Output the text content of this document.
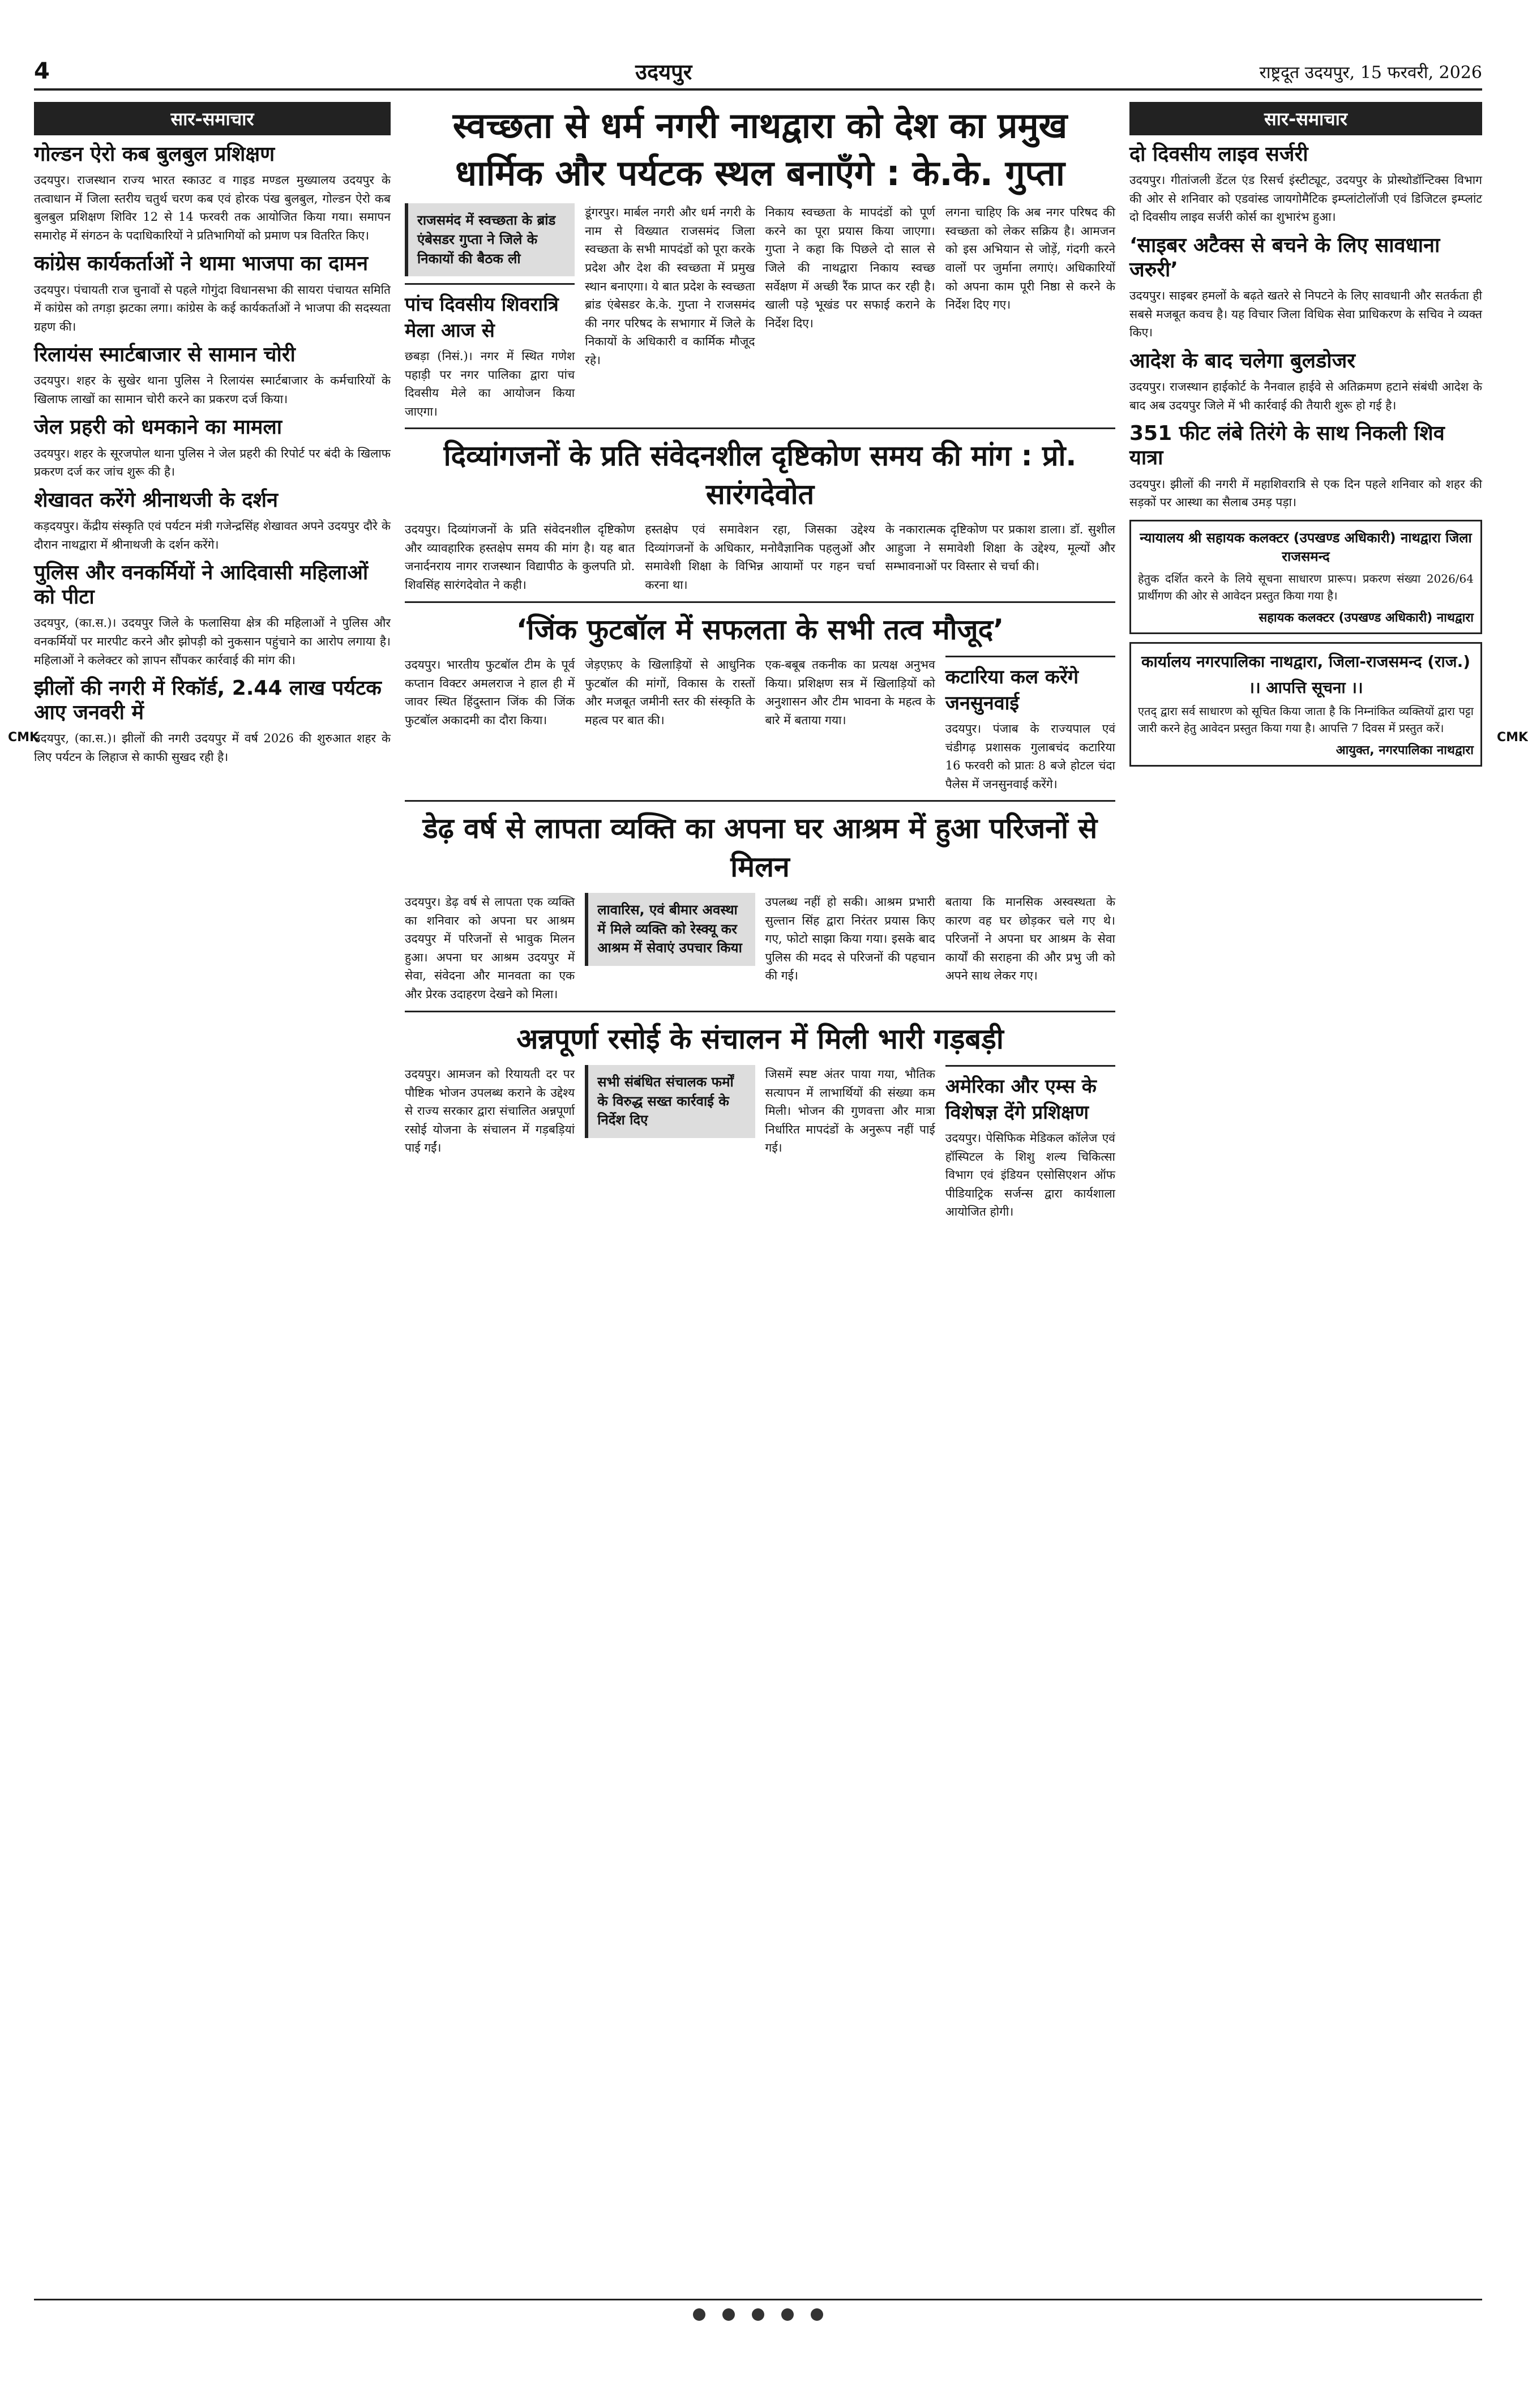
4	उदयपुर	राष्ट्रदूत उदयपुर, 15 फरवरी, 2026
CMK	CMK
सार-समाचार
गोल्डन ऐरो कब बुलबुल प्रशिक्षण

उदयपुर। राजस्थान राज्य भारत स्काउट व गाइड मण्डल मुख्यालय उदयपुर के तत्वाधान में जिला स्तरीय चतुर्थ चरण कब एवं होरक पंख बुलबुल, गोल्डन ऐरो कब बुलबुल प्रशिक्षण शिविर 12 से 14 फरवरी तक आयोजित किया गया। समापन समारोह में संगठन के पदाधिकारियों ने प्रतिभागियों को प्रमाण पत्र वितरित किए।

कांग्रेस कार्यकर्ताओं ने थामा भाजपा का दामन

उदयपुर। पंचायती राज चुनावों से पहले गोगुंदा विधानसभा की सायरा पंचायत समिति में कांग्रेस को तगड़ा झटका लगा। कांग्रेस के कई कार्यकर्ताओं ने भाजपा की सदस्यता ग्रहण की।

रिलायंस स्मार्टबाजार से सामान चोरी

उदयपुर। शहर के सुखेर थाना पुलिस ने रिलायंस स्मार्टबाजार के कर्मचारियों के खिलाफ लाखों का सामान चोरी करने का प्रकरण दर्ज किया।

जेल प्रहरी को धमकाने का मामला

उदयपुर। शहर के सूरजपोल थाना पुलिस ने जेल प्रहरी की रिपोर्ट पर बंदी के खिलाफ प्रकरण दर्ज कर जांच शुरू की है।

शेखावत करेंगे श्रीनाथजी के दर्शन

कड़दयपुर। केंद्रीय संस्कृति एवं पर्यटन मंत्री गजेन्द्रसिंह शेखावत अपने उदयपुर दौरे के दौरान नाथद्वारा में श्रीनाथजी के दर्शन करेंगे।

पुलिस और वनकर्मियों ने आदिवासी महिलाओं को पीटा

उदयपुर, (का.स.)। उदयपुर जिले के फलासिया क्षेत्र की महिलाओं ने पुलिस और वनकर्मियों पर मारपीट करने और झोपड़ी को नुकसान पहुंचाने का आरोप लगाया है। महिलाओं ने कलेक्टर को ज्ञापन सौंपकर कार्रवाई की मांग की।

झीलों की नगरी में रिकॉर्ड, 2.44 लाख पर्यटक आए जनवरी में

उदयपुर, (का.स.)। झीलों की नगरी उदयपुर में वर्ष 2026 की शुरुआत शहर के लिए पर्यटन के लिहाज से काफी सुखद रही है।

स्वच्छता से धर्म नगरी नाथद्वारा को देश का प्रमुख धार्मिक और पर्यटक स्थल बनाएँगे : के.के. गुप्ता
राजसमंद में स्वच्छता के ब्रांड एंबेसडर गुप्ता ने जिले के निकायों की बैठक ली
पांच दिवसीय शिवरात्रि मेला आज से

छबड़ा (निसं.)। नगर में स्थित गणेश पहाड़ी पर नगर पालिका द्वारा पांच दिवसीय मेले का आयोजन किया जाएगा।

डूंगरपुर। मार्बल नगरी और धर्म नगरी के नाम से विख्यात राजसमंद जिला स्वच्छता के सभी मापदंडों को पूरा करके प्रदेश और देश की स्वच्छता में प्रमुख स्थान बनाएगा। ये बात प्रदेश के स्वच्छता ब्रांड एंबेसडर के.के. गुप्ता ने राजसमंद की नगर परिषद के सभागार में जिले के निकायों के अधिकारी व कार्मिक मौजूद रहे।

निकाय स्वच्छता के मापदंडों को पूर्ण करने का पूरा प्रयास किया जाएगा। गुप्ता ने कहा कि पिछले दो साल से जिले की नाथद्वारा निकाय स्वच्छ सर्वेक्षण में अच्छी रैंक प्राप्त कर रही है। खाली पड़े भूखंड पर सफाई कराने के निर्देश दिए।

लगना चाहिए कि अब नगर परिषद की स्वच्छता को लेकर सक्रिय है। आमजन को इस अभियान से जोड़ें, गंदगी करने वालों पर जुर्माना लगाएं। अधिकारियों को अपना काम पूरी निष्ठा से करने के निर्देश दिए गए।

दिव्यांगजनों के प्रति संवेदनशील दृष्टिकोण समय की मांग : प्रो. सारंगदेवोत

उदयपुर। दिव्यांगजनों के प्रति संवेदनशील दृष्टिकोण और व्यावहारिक हस्तक्षेप समय की मांग है। यह बात जनार्दनराय नागर राजस्थान विद्यापीठ के कुलपति प्रो. शिवसिंह सारंगदेवोत ने कही।

हस्तक्षेप एवं समावेशन रहा, जिसका उद्देश्य दिव्यांगजनों के अधिकार, मनोवैज्ञानिक पहलुओं और समावेशी शिक्षा के विभिन्न आयामों पर गहन चर्चा करना था।

के नकारात्मक दृष्टिकोण पर प्रकाश डाला। डॉ. सुशील आहुजा ने समावेशी शिक्षा के उद्देश्य, मूल्यों और सम्भावनाओं पर विस्तार से चर्चा की।

‘जिंक फुटबॉल में सफलता के सभी तत्व मौजूद’

उदयपुर। भारतीय फुटबॉल टीम के पूर्व कप्तान विक्टर अमलराज ने हाल ही में जावर स्थित हिंदुस्तान जिंक की जिंक फुटबॉल अकादमी का दौरा किया।

जेड़एफ़ए के खिलाड़ियों से आधुनिक फुटबॉल की मांगों, विकास के रास्तों और मजबूत जमीनी स्तर की संस्कृति के महत्व पर बात की।

एक-बबूब तकनीक का प्रत्यक्ष अनुभव किया। प्रशिक्षण सत्र में खिलाड़ियों को अनुशासन और टीम भावना के महत्व के बारे में बताया गया।

कटारिया कल करेंगे जनसुनवाई

उदयपुर। पंजाब के राज्यपाल एवं चंडीगढ़ प्रशासक गुलाबचंद कटारिया 16 फरवरी को प्रातः 8 बजे होटल चंदा पैलेस में जनसुनवाई करेंगे।

डेढ़ वर्ष से लापता व्यक्ति का अपना घर आश्रम में हुआ परिजनों से मिलन

उदयपुर। डेढ़ वर्ष से लापता एक व्यक्ति का शनिवार को अपना घर आश्रम उदयपुर में परिजनों से भावुक मिलन हुआ। अपना घर आश्रम उदयपुर में सेवा, संवेदना और मानवता का एक और प्रेरक उदाहरण देखने को मिला।

लावारिस, एवं बीमार अवस्था में मिले व्यक्ति को रेस्क्यू कर आश्रम में सेवाएं उपचार किया

उपलब्ध नहीं हो सकी। आश्रम प्रभारी सुल्तान सिंह द्वारा निरंतर प्रयास किए गए, फोटो साझा किया गया। इसके बाद पुलिस की मदद से परिजनों की पहचान की गई।

बताया कि मानसिक अस्वस्थता के कारण वह घर छोड़कर चले गए थे। परिजनों ने अपना घर आश्रम के सेवा कार्यों की सराहना की और प्रभु जी को अपने साथ लेकर गए।

अन्नपूर्णा रसोई के संचालन में मिली भारी गड़बड़ी

उदयपुर। आमजन को रियायती दर पर पौष्टिक भोजन उपलब्ध कराने के उद्देश्य से राज्य सरकार द्वारा संचालित अन्नपूर्णा रसोई योजना के संचालन में गड़बड़ियां पाई गईं।

सभी संबंधित संचालक फर्मों के विरुद्ध सख्त कार्रवाई के निर्देश दिए

जिसमें स्पष्ट अंतर पाया गया, भौतिक सत्यापन में लाभार्थियों की संख्या कम मिली। भोजन की गुणवत्ता और मात्रा निर्धारित मापदंडों के अनुरूप नहीं पाई गई।

अमेरिका और एम्स के विशेषज्ञ देंगे प्रशिक्षण

उदयपुर। पेसिफिक मेडिकल कॉलेज एवं हॉस्पिटल के शिशु शल्य चिकित्सा विभाग एवं इंडियन एसोसिएशन ऑफ पीडियाट्रिक सर्जन्स द्वारा कार्यशाला आयोजित होगी।

सार-समाचार
दो दिवसीय लाइव सर्जरी

उदयपुर। गीतांजली डेंटल एंड रिसर्च इंस्टीट्यूट, उदयपुर के प्रोस्थोडॉन्टिक्स विभाग की ओर से शनिवार को एडवांस्ड जायगोमैटिक इम्प्लांटोलॉजी एवं डिजिटल इम्प्लांट दो दिवसीय लाइव सर्जरी कोर्स का शुभारंभ हुआ।

‘साइबर अटैक्स से बचने के लिए सावधाना जरुरी’

उदयपुर। साइबर हमलों के बढ़ते खतरे से निपटने के लिए सावधानी और सतर्कता ही सबसे मजबूत कवच है। यह विचार जिला विधिक सेवा प्राधिकरण के सचिव ने व्यक्त किए।

आदेश के बाद चलेगा बुलडोजर

उदयपुर। राजस्थान हाईकोर्ट के नैनवाल हाईवे से अतिक्रमण हटाने संबंधी आदेश के बाद अब उदयपुर जिले में भी कार्रवाई की तैयारी शुरू हो गई है।

351 फीट लंबे तिरंगे के साथ निकली शिव यात्रा

उदयपुर। झीलों की नगरी में महाशिवरात्रि से एक दिन पहले शनिवार को शहर की सड़कों पर आस्था का सैलाब उमड़ पड़ा।

न्यायालय श्री सहायक कलक्टर (उपखण्ड अधिकारी) नाथद्वारा जिला राजसमन्द

हेतुक दर्शित करने के लिये सूचना साधारण प्रारूप। प्रकरण संख्या 2026/64 प्रार्थीगण की ओर से आवेदन प्रस्तुत किया गया है।

सहायक कलक्टर (उपखण्ड अधिकारी) नाथद्वारा
कार्यालय नगरपालिका नाथद्वारा, जिला-राजसमन्द (राज.)
।। आपत्ति सूचना ।।

एतद् द्वारा सर्व साधारण को सूचित किया जाता है कि निम्नांकित व्यक्तियों द्वारा पट्टा जारी करने हेतु आवेदन प्रस्तुत किया गया है। आपत्ति 7 दिवस में प्रस्तुत करें।

आयुक्त, नगरपालिका नाथद्वारा
